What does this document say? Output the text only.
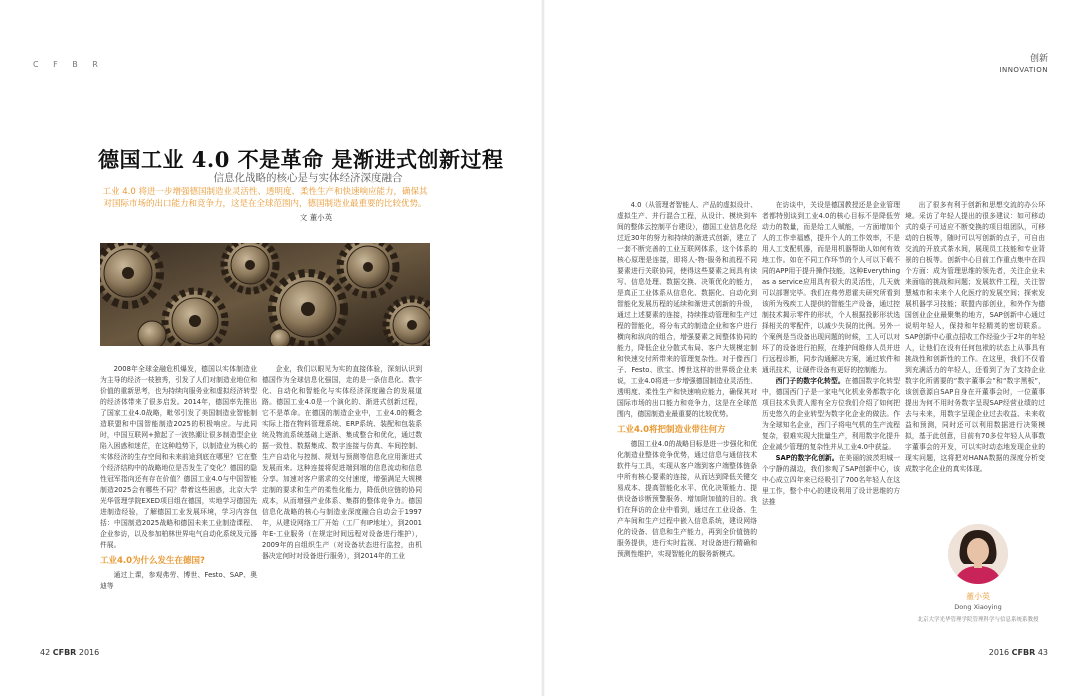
C F B R
创新
INNOVATION
德国工业 4.0 不是革命 是渐进式创新过程
信息化战略的核心是与实体经济深度融合
工业 4.0 将进一步增强德国制造业灵活性、透明度、柔性生产和快速响应能力，确保其对国际市场的出口能力和竞争力，这是在全球范围内，德国制造业最重要的比较优势。
文 董小英

2008年全球金融危机爆发，德国以实体制造业为主导的经济一枝独秀，引发了人们对制造业地位和价值的重新思考，也为持续向服务业和虚拟经济转型的经济体带来了很多启发。2014年，德国率先推出了国家工业4.0战略，毗邻引发了美国制造业智能制造联盟和中国智能制造2025的积极响应。与此同时，中国互联网+掀起了一波热潮让很多制造型企业陷入困惑和迷茫，在这种趋势下，以制造业为核心的实体经济的生存空间和未来前途到底在哪里？它在整个经济结构中的战略地位是否发生了变化？德国的隐性冠军指向还有存在价值？德国工业4.0与中国智能制造2025会有哪些不同？带着这些困惑，北京大学光华管理学院EXED项目组在德国，实地学习德国先进制造经验，了解德国工业发展环境，学习内容包括：中国制造2025战略和德国未来工业制造课程、企业参访，以及参加柏林世界电气自动化系统及元器件展。

工业4.0为什么发生在德国?

通过上课，参观弗劳、博世、Festo、SAP、奥迪等

企业，我们以眼见为实的直接体验，深刻认识到德国作为全球信息化强国，走的是一条信息化、数字化、自动化和智能化与实体经济深度融合的发展道路。德国工业4.0是一个演化的、渐进式创新过程，它不是革命。在德国的制造企业中，工业4.0的概念实际上指在物料管理系统、ERP系统、装配和包装系统及物流系统基础上逐渐、集成整合和优化，通过数据一致性、数据集成、数字连接与仿真、车间控制、生产自动化与控制、规划与预测等信息化应用渐进式发展而来。这种连接将促进端到端的信息流动和信息分享。加速对客户需求的交付速度，增强满足大规模定制的要求和生产的柔性化能力，降低供应链的协同成本，从而增强产业体系、集群的整体竞争力。德国信息化战略的核心与制造业深度融合自动会于1997年，从建设网络工厂开始（工厂有IP地址），到2001年E-工业服务（在规定时间远程对设备进行维护），2009年的自组织生产（对设备状态进行监控，由机器决定何时对设备进行服务），到2014年的工业

4.0（从管理者智能人、产品的虚拟设计、虚拟生产、并行混合工程，从设计、模块到车间的整体云控制平台建设），德国工业信息化经过近30年的努力和持续的渐进式创新，建立了一套不断完善的工业互联网体系，这个体系的核心原理是连接，即将人-物-服务和流程不同要素进行关联协同，使得这些要素之间具有读写、信息处理、数据交换、决策优化的能力，是真正工业体系从信息化、数据化、自动化到智能化发展历程的延续和渐进式创新的升级，通过上述要素的连接，持续推动管理和生产过程的智能化，将分布式的制造企业和客户进行横向和纵向的组合，增强要素之间整体协同的能力，降低企业分散式布局、客户大规模定制和快速交付所带来的管理复杂性。对于像西门子、Festo、欧宝、博世这样的世界级企业来说，工业4.0将进一步增强德国制造业灵活性、透明度、柔性生产和快速响应能力，确保其对国际市场的出口能力和竞争力，这是在全球范围内，德国制造业最重要的比较优势。

工业4.0将把制造业带往何方

德国工业4.0的战略目标是进一步强化和优化制造业整体竞争优势，通过信息与通信技术软件与工具，实现从客户端到客户端整体链条中所有核心要素的连接，从而达到降低关键交易成本、提高智能化水平、优化决策能力、提供设备诊断预警服务、增加附加值的目的。我们在拜访的企业中看到，通过在工业设备、生产车间和生产过程中嵌入信息系统，建设网络化的设备、信息和生产能力，再到全价值链的服务提供，进行实时监视、对设备进行精确和预测性维护，实现智能化的服务新模式。

在访谈中，关设是德国教授还是企业管理者都特别谈到工业4.0的核心目标不是降低劳动力的数量，而是给工人赋能，一方面增加个人的工作幸福感，提升个人的工作效率，不是用人工支配机器，而是用机器帮助人如何有效地工作。如在不同工作环节的个人可以下载不同的APP用于提升操作技能，这种Everything as a service应用具有很大的灵活性，几天就可以部署完毕。我们在弗劳恩霍夫研究所看到该所为残疾工人提供的智能生产设备，通过控制技术揭示零件的形状，个人根据投影形状选择相关的零配件，以减少失误的比例。另外一个案例是当设备出现问题的时候，工人可以对坏了的设备进行拍照，在维护间维修人员并进行远程诊断，同步沟通解决方案，通过软件和通讯技术，让硬件设备有更好的控制能力。

西门子的数字化转型。在德国数字化转型中，德国西门子是一家电气化机业务都数字化项目技术负责人需有全方位我们介绍了如何把历史悠久的企业转型为数字化企业的做法。作为全球知名企业，西门子将电气机的生产流程复杂，很难实现大批量生产，利用数字化提升企业减少管理的复杂性并从工业4.0中获益。

SAP的数字化创新。在美丽的波茨坦城一个宁静的湖边，我们参观了SAP创新中心，该中心成立四年来已经吸引了700名年轻人在这里工作，整个中心的建设利用了设计思维的方法推

出了很多有利于创新和思想交流的办公环境。采访了年轻人提出的很多建议：如可移动式的桌子可适应不断变换的项目组团队，可移动的白板等，随时可以写创新的点子，可自由交流的开放式茶水间，展现员工技能和专业背景的白板等。创新中心目前工作重点集中在四个方面：成为管理思维的领先者，关注企业未来面临的挑战和问题；发展软件工程，关注智慧城市和未来个人化医疗的发展空间；探索发展机器学习技能；联盟内部创业，和外作为德国创业企业最聚集的地方，SAP创新中心通过说明年轻人，保持和年轻精英的密切联系。SAP创新中心重点招收工作经验少于2年的年轻人，让他们在没有任何包袱的状态上从事具有挑战性和创新性的工作。在这里，我们不仅看到充满活力的年轻人，还看到了为了支持企业数字化所需要的“数字董事会”和“数字黑板”，该创意源自SAP自身在开董事会时，一位董事提出为何不用时务数字呈现SAP经营业绩的过去与未来，用数字呈现企业过去收益、未来收益和预测，同时还可以利用数据进行决策模拟，基于此创意，目前有70多位年轻人从事数字董事会的开发，可以实时动态地发现企业的现实问题，这将把对HANA数据的深度分析变成数字化企业的真实体现。

董小英
Dong Xiaoying
北京大学光华管理学院管理科学与信息系统系教授
42 CFBR 2016	2016 CFBR 43
